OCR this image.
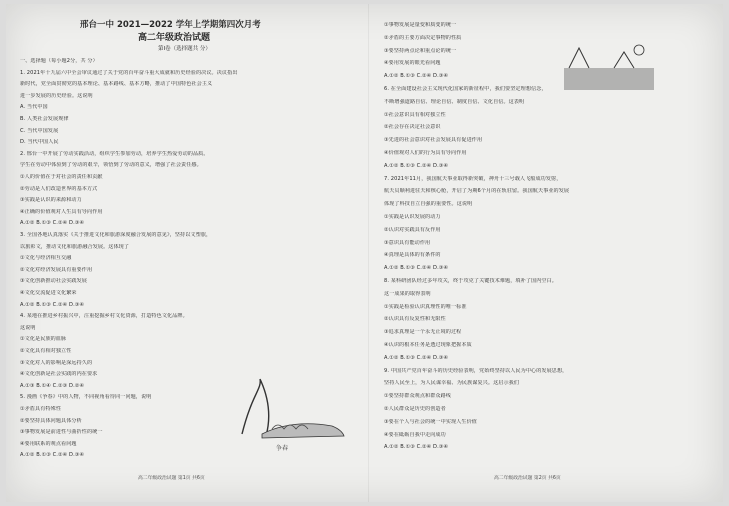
邢台一中 2021—2022 学年上学期第四次月考
高二年级政治试题
第I卷（选择题共 分）
一、选择题（每小题2分，共 分）
1. 2021年十九届六中全会审议通过了关于党的百年奋斗重大成就和历史经验的决议。决议指出
新时代，党全面贯彻党的基本理论、基本路线、基本方略，推动了中国特色社会主义
进一步发展的历史经验。这说明
A. 当代中国
B. 人类社会发展规律
C. 当代中国发展
D. 当代中国人民
2. 邢台一中开展了劳动实践活动，组织学生参加劳动，培养学生热爱劳动的品质。
学生在劳动中体验到了劳动的艰辛，领悟到了劳动的意义，增强了社会责任感。
①人的价值在于对社会的责任和贡献
②劳动是人们改造世界的基本方式
③实践是认识的来源和动力
④正确的价值观对人生具有导向作用
A.①② B.①③ C.②④ D.③④
3. 全国各地认真落实《关于推进文化和旅游深度融合发展的意见》，坚持以文塑旅，
以旅彰文，推动文化和旅游融合发展。这体现了
①文化与经济相互交融
②文化对经济发展具有重要作用
③文化创新推动社会实践发展
④文化交流促进文化繁荣
A.①② B.①③ C.②④ D.③④
4. 某地在推进乡村振兴中，注重挖掘乡村文化资源，打造特色文化品牌。
这说明
①文化是民族的血脉
②文化具有相对独立性
③文化对人的影响是深远持久的
④文化创新是社会实践的内在要求
A.①③ B.①④ C.②③ D.②④
5. 漫画《争春》中的人物，不同视角看待同一问题，说明
①矛盾具有特殊性
②要坚持具体问题具体分析
③事物发展是前进性与曲折性的统一
④要用联系的观点看问题
A.①② B.①③ C.②④ D.③④
争春
高二年级政治试题 第1页 共6页
①事物发展是量变和质变的统一
②矛盾的主要方面决定事物的性质
③要坚持两点论和重点论的统一
④要用发展的眼光看问题
A.①② B.①③ C.②④ D.③④
6. 在全面建设社会主义现代化国家的新征程中，我们要坚定理想信念，
不断增强道路自信、理论自信、制度自信、文化自信。这表明
①社会意识具有相对独立性
②社会存在决定社会意识
③先进的社会意识对社会发展具有促进作用
④价值观对人们的行为具有导向作用
A.①② B.①③ C.②④ D.③④
7. 2021年11月，我国航天事业取得新突破，神舟十三号载人飞船成功发射，
航天员顺利进驻天和核心舱，开启了为期6个月的在轨驻留。我国航天事业的发展
体现了科技自立自强的重要性。这说明
①实践是认识发展的动力
②认识对实践具有反作用
③意识具有能动作用
④真理是具体的有条件的
A.①② B.①③ C.②④ D.③④
8. 某科研团队经过多年攻关，终于攻克了关键技术难题，填补了国内空白。
这一成果的取得表明
①实践是检验认识真理性的唯一标准
②认识具有反复性和无限性
③追求真理是一个永无止境的过程
④认识的根本任务是透过现象把握本质
A.①② B.①③ C.②④ D.③④
9. 中国共产党百年奋斗的历史经验表明，党始终坚持以人民为中心的发展思想，
坚持人民至上，为人民谋幸福、为民族谋复兴。这启示我们
①要坚持群众观点和群众路线
②人民群众是历史的创造者
③要在个人与社会的统一中实现人生价值
④要在砥砺自我中走向成功
A.①② B.①③ C.②④ D.③④
高二年级政治试题 第2页 共6页
